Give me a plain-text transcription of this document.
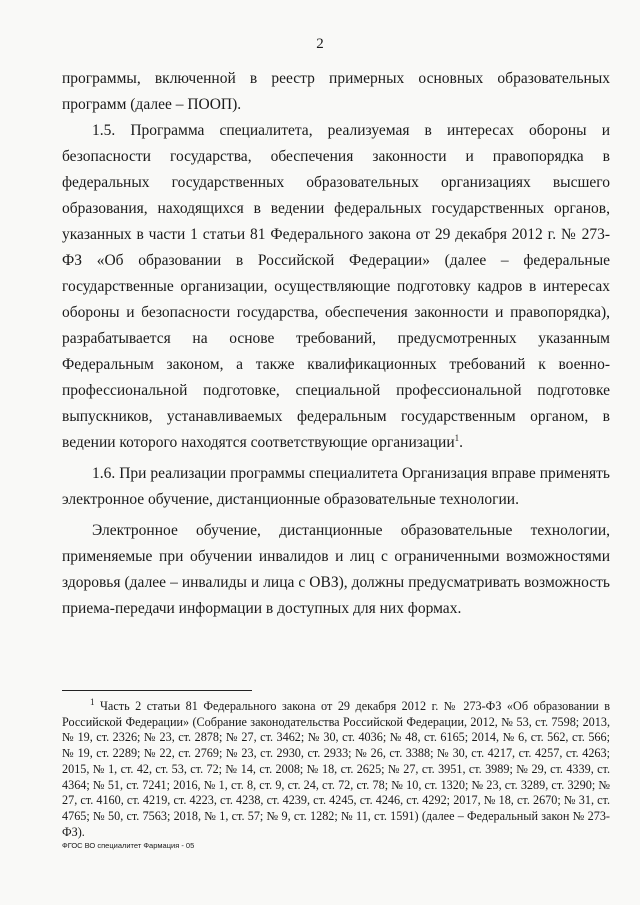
2

программы, включенной в реестр примерных основных образовательных программ (далее – ПООП).

1.5. Программа специалитета, реализуемая в интересах обороны и безопасности государства, обеспечения законности и правопорядка в федеральных государственных образовательных организациях высшего образования, находящихся в ведении федеральных государственных органов, указанных в части 1 статьи 81 Федерального закона от 29 декабря 2012 г. № 273-ФЗ «Об образовании в Российской Федерации» (далее – федеральные государственные организации, осуществляющие подготовку кадров в интересах обороны и безопасности государства, обеспечения законности и правопорядка), разрабатывается на основе требований, предусмотренных указанным Федеральным законом, а также квалификационных требований к военно-профессиональной подготовке, специальной профессиональной подготовке выпускников, устанавливаемых федеральным государственным органом, в ведении которого находятся соответствующие организации$^1$.

1.6. При реализации программы специалитета Организация вправе применять электронное обучение, дистанционные образовательные технологии.

Электронное обучение, дистанционные образовательные технологии, применяемые при обучении инвалидов и лиц с ограниченными возможностями здоровья (далее – инвалиды и лица с ОВЗ), должны предусматривать возможность приема-передачи информации в доступных для них формах.

$^1$ Часть 2 статьи 81 Федерального закона от 29 декабря 2012 г. № 273-ФЗ «Об образовании в Российской Федерации» (Собрание законодательства Российской Федерации, 2012, № 53, ст. 7598; 2013, № 19, ст. 2326; № 23, ст. 2878; № 27, ст. 3462; № 30, ст. 4036; № 48, ст. 6165; 2014, № 6, ст. 562, ст. 566; № 19, ст. 2289; № 22, ст. 2769; № 23, ст. 2930, ст. 2933; № 26, ст. 3388; № 30, ст. 4217, ст. 4257, ст. 4263; 2015, № 1, ст. 42, ст. 53, ст. 72; № 14, ст. 2008; № 18, ст. 2625; № 27, ст. 3951, ст. 3989; № 29, ст. 4339, ст. 4364; № 51, ст. 7241; 2016, № 1, ст. 8, ст. 9, ст. 24, ст. 72, ст. 78; № 10, ст. 1320; № 23, ст. 3289, ст. 3290; № 27, ст. 4160, ст. 4219, ст. 4223, ст. 4238, ст. 4239, ст. 4245, ст. 4246, ст. 4292; 2017, № 18, ст. 2670; № 31, ст. 4765; № 50, ст. 7563; 2018, № 1, ст. 57; № 9, ст. 1282; № 11, ст. 1591) (далее – Федеральный закон № 273-ФЗ).
ФГОС ВО специалитет Фармация - 05
